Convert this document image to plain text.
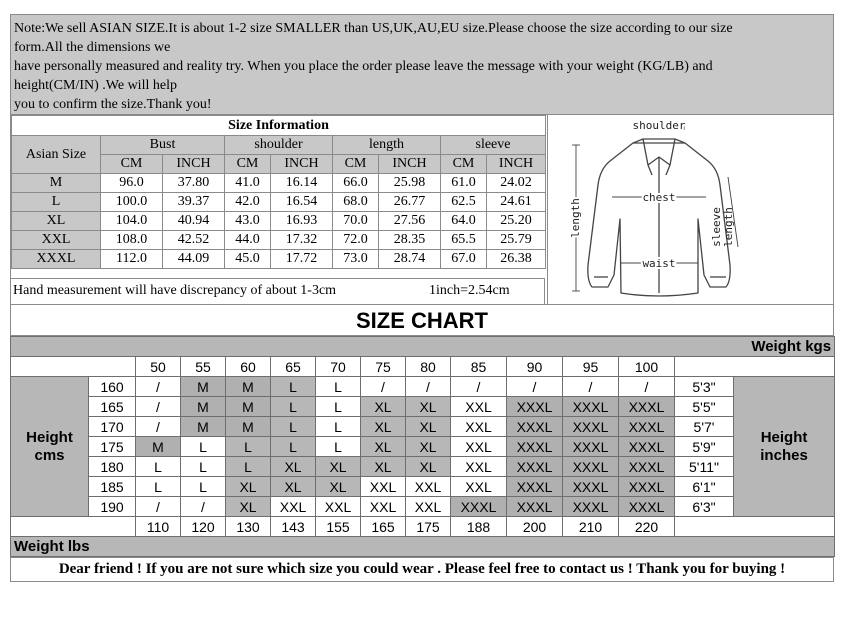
Note:We sell ASIAN SIZE.It is about 1-2 size SMALLER than US,UK,AU,EU size.Please choose the size according to our size
form.All the dimensions we
have personally measured and reality try. When you place the order please leave the message with your weight (KG/LB) and
height(CM/IN) .We will help
you to confirm the size.Thank you!
Size Information								
Asian Size	Bust		shoulder		length		sleeve	
	CM	INCH	CM	INCH	CM	INCH	CM	INCH
M	96.0	37.80	41.0	16.14	66.0	25.98	61.0	24.02
L	100.0	39.37	42.0	16.54	68.0	26.77	62.5	24.61
XL	104.0	40.94	43.0	16.93	70.0	27.56	64.0	25.20
XXL	108.0	42.52	44.0	17.32	72.0	28.35	65.5	25.79
XXXL	112.0	44.09	45.0	17.72	73.0	28.74	67.0	26.38
Hand measurement will have discrepancy of about 1-3cm	1inch=2.54cm
shoulder
chest
waist
length	sleeve length
SIZE CHART
Weight kgs														
		50	55	60	65	70	75	80	85	90	95	100		
Height
cms	160	/	M	M	L	L	/	/	/	/	/	/	5'3"	Height
inches
	165	/	M	M	L	L	XL	XL	XXL	XXXL	XXXL	XXXL	5'5"	
	170	/	M	M	L	L	XL	XL	XXL	XXXL	XXXL	XXXL	5'7'	
	175	M	L	L	L	L	XL	XL	XXL	XXXL	XXXL	XXXL	5'9"	
	180	L	L	L	XL	XL	XL	XL	XXL	XXXL	XXXL	XXXL	5'11"	
	185	L	L	XL	XL	XL	XXL	XXL	XXL	XXXL	XXXL	XXXL	6'1"	
	190	/	/	XL	XXL	XXL	XXL	XXL	XXXL	XXXL	XXXL	XXXL	6'3"	
		110	120	130	143	155	165	175	188	200	210	220		
Weight lbs														
Dear friend ! If you are not sure which size you could wear . Please feel free to contact us ! Thank you for buying !
